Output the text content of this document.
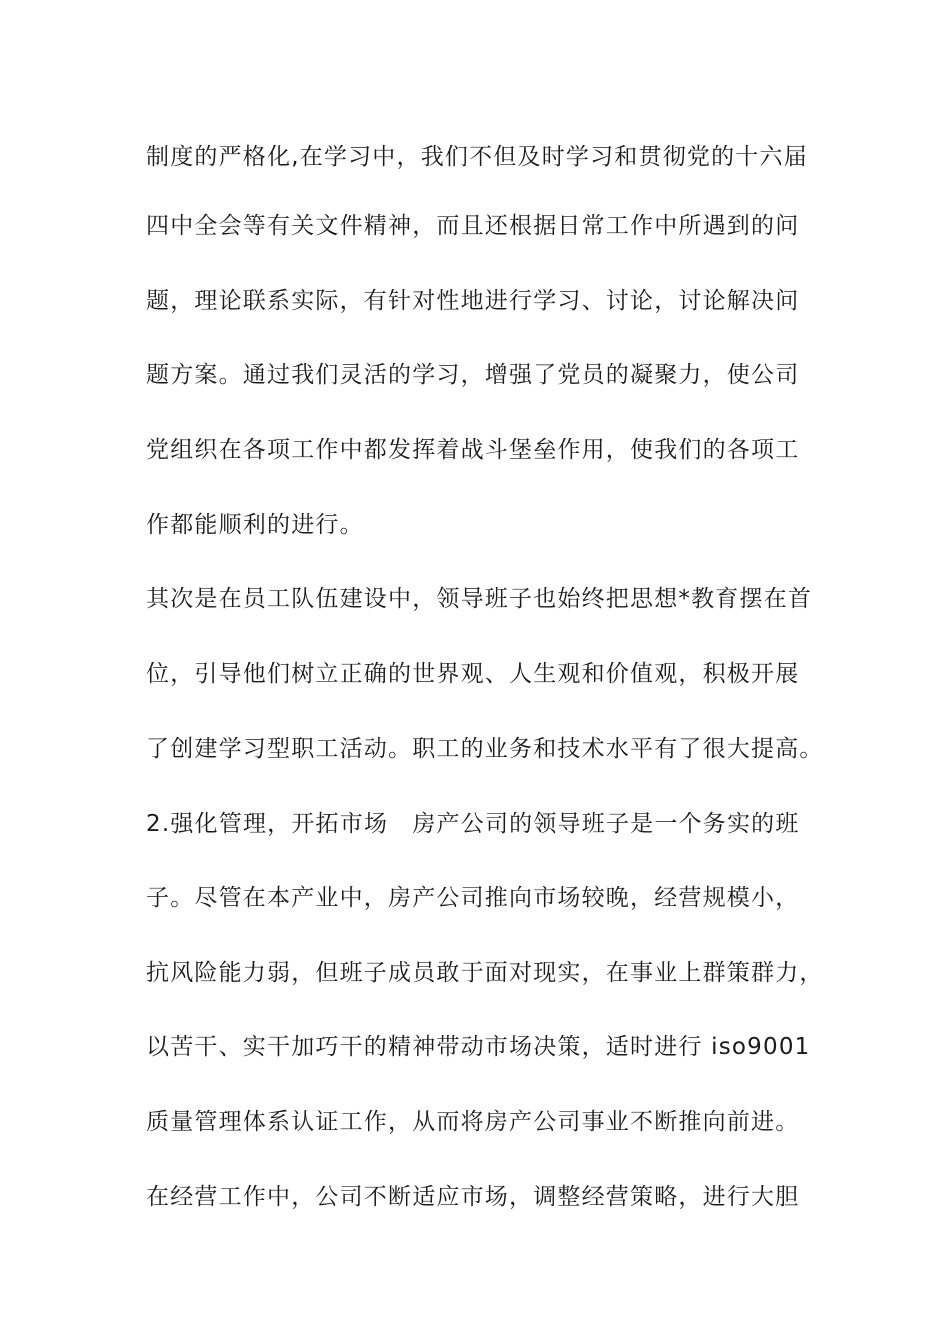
制度的严格化,在学习中，我们不但及时学习和贯彻党的十六届
四中全会等有关文件精神，而且还根据日常工作中所遇到的问
题，理论联系实际，有针对性地进行学习、讨论，讨论解决问
题方案。通过我们灵活的学习，增强了党员的凝聚力，使公司
党组织在各项工作中都发挥着战斗堡垒作用，使我们的各项工
作都能顺利的进行。
其次是在员工队伍建设中，领导班子也始终把思想*教育摆在首
位，引导他们树立正确的世界观、人生观和价值观，积极开展
了创建学习型职工活动。职工的业务和技术水平有了很大提高。
2.强化管理，开拓市场　房产公司的领导班子是一个务实的班
子。尽管在本产业中，房产公司推向市场较晚，经营规模小，
抗风险能力弱，但班子成员敢于面对现实，在事业上群策群力，
以苦干、实干加巧干的精神带动市场决策，适时进行 iso9001
质量管理体系认证工作，从而将房产公司事业不断推向前进。
在经营工作中，公司不断适应市场，调整经营策略，进行大胆
